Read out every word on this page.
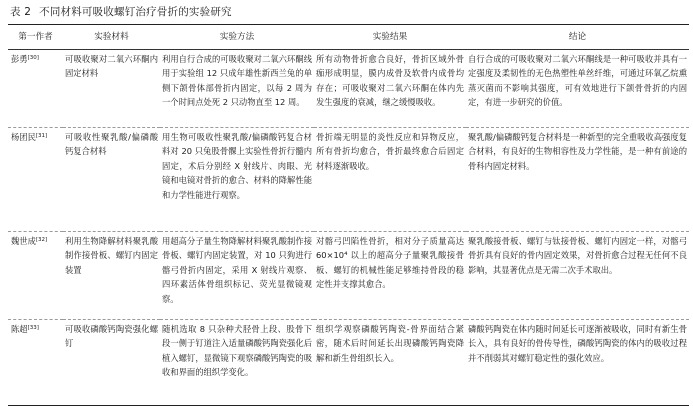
表 2 不同材料可吸收螺钉治疗骨折的实验研究
第一作者	实验材料	实验方法	实验结果	结论
彭勇[30]	可吸收聚对二氧六环酮内固定材料	利用自行合成的可吸收聚对二氧六环酮线用于实验组 12 只成年雄性新西兰兔的单侧下颌骨体部骨折内固定，以每 2 周为一个时间点处死 2 只动物直至 12 周。	所有动物骨折愈合良好，骨折区域外骨痂形成明显，膜内成骨及软骨内成骨均存在；可吸收聚对二氧六环酮在体内先发生强度的衰减，继之缓慢吸收。	自行合成的可吸收聚对二氧六环酮线是一种可吸收并具有一定强度及柔韧性的无色热塑性单丝纤维，可通过环氧乙烷熏蒸灭菌而不影响其强度，可有效地进行下颌骨骨折的内固定，有进一步研究的价值。
杨团民[31]	可吸收性聚乳酸/偏磷酸钙复合材料	用生物可吸收性聚乳酸/偏磷酸钙复合材料对 20 只兔股骨髁上实验性骨折行髓内固定，术后分别经 X 射线片、肉眼、光镜和电镜对骨折的愈合、材料的降解性能和力学性能进行观察。	骨折端无明显的炎性反应和异物反应，所有骨折均愈合，骨折最终愈合后固定材料逐渐吸收。	聚乳酸/偏磷酸钙复合材料是一种新型的完全重吸收高强度复合材料，有良好的生物相容性及力学性能，是一种有前途的骨科内固定材料。
魏世成[32]	利用生物降解材料聚乳酸制作接骨板、螺钉内固定装置	用超高分子量生物降解材料聚乳酸制作接骨板、螺钉内固定装置，对 10 只狗进行髂弓骨折内固定，采用 X 射线片观察、四环素活体骨组织标记、荧光显微镜观察。	对髂弓凹陷性骨折，相对分子质量高达 60×10⁴ 以上的超高分子量聚乳酸接骨板、螺钉的机械性能足够维持骨段的稳定性并支撑其愈合。	聚乳酸接骨板、螺钉与钛接骨板、螺钉内固定一样，对髂弓骨折具有良好的骨内固定效果，对骨折愈合过程无任何不良影响，其显著优点是无需二次手术取出。
陈超[33]	可吸收磷酸钙陶瓷强化螺钉	随机选取 8 只杂种犬胫骨上段、股骨下段一侧于钉道注入适量磷酸钙陶瓷强化后植入螺钉，显微镜下观察磷酸钙陶瓷的吸收和界面的组织学变化。	组织学观察磷酸钙陶瓷-骨界面结合紧密，随术后时间延长出现磷酸钙陶瓷降解和新生骨组织长入。	磷酸钙陶瓷在体内随时间延长可逐渐被吸收，同时有新生骨长入，具有良好的骨传导性，磷酸钙陶瓷的体内的吸收过程并不削弱其对螺钉稳定性的强化效应。
